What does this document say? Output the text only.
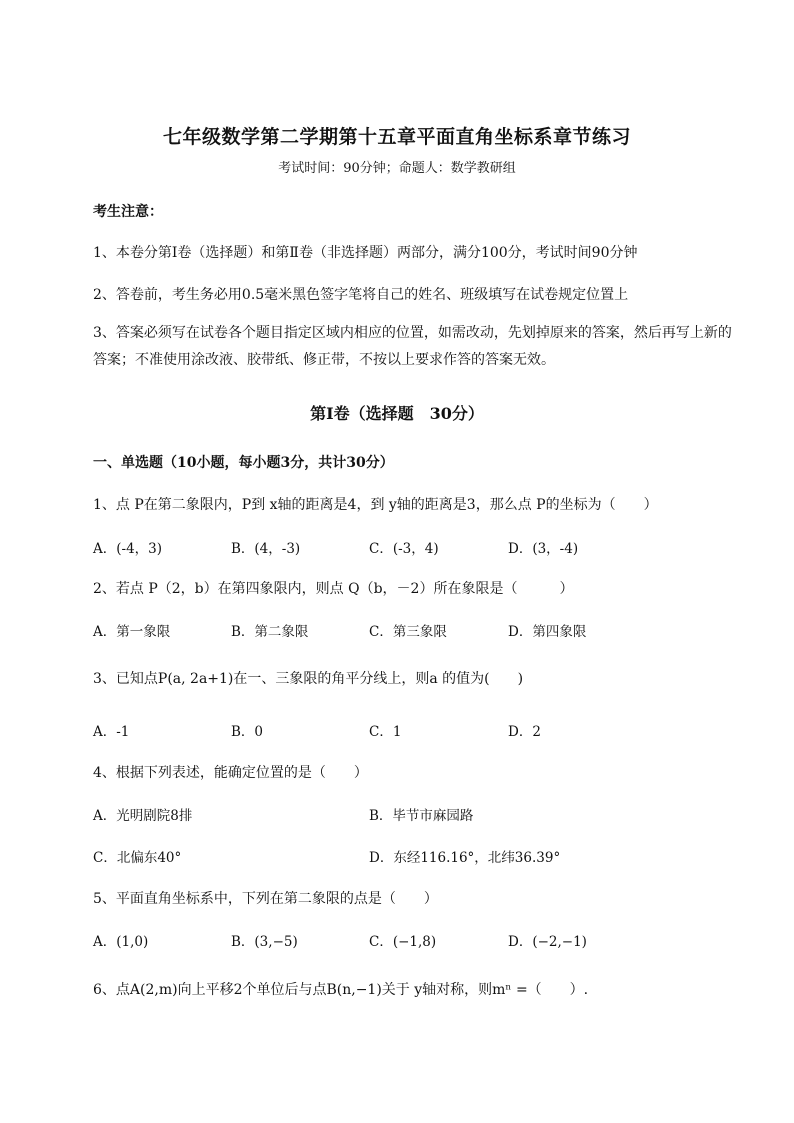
七年级数学第二学期第十五章平面直角坐标系章节练习
考试时间：90分钟；命题人：数学教研组
考生注意：
1、本卷分第Ⅰ卷（选择题）和第Ⅱ卷（非选择题）两部分，满分100分，考试时间90分钟
2、答卷前，考生务必用0.5毫米黑色签字笔将自己的姓名、班级填写在试卷规定位置上
3、答案必须写在试卷各个题目指定区域内相应的位置，如需改动，先划掉原来的答案，然后再写上新的答案；不准使用涂改液、胶带纸、修正带，不按以上要求作答的答案无效。
第Ⅰ卷（选择题　30分）
一、单选题（10小题，每小题3分，共计30分）
1、点 P在第二象限内，P到 x轴的距离是4，到 y轴的距离是3，那么点 P的坐标为（　　）
A．(-4，3)	B．(4，-3)	C．(-3，4)	D．(3，-4)
2、若点 P（2，b）在第四象限内，则点 Q（b，－2）所在象限是（　　　）
A．第一象限	B．第二象限	C．第三象限	D．第四象限
3、已知点P(a, 2a+1)在一、三象限的角平分线上，则a 的值为(　　)
A．-1	B．0	C．1	D．2
4、根据下列表述，能确定位置的是（　　）
A．光明剧院8排	B．毕节市麻园路
C．北偏东40°	D．东经116.16°，北纬36.39°
5、平面直角坐标系中，下列在第二象限的点是（　　）
A．(1,0)	B．(3,−5)	C．(−1,8)	D．(−2,−1)
6、点A(2,m)向上平移2个单位后与点B(n,−1)关于 y轴对称，则mⁿ =（　　）.
